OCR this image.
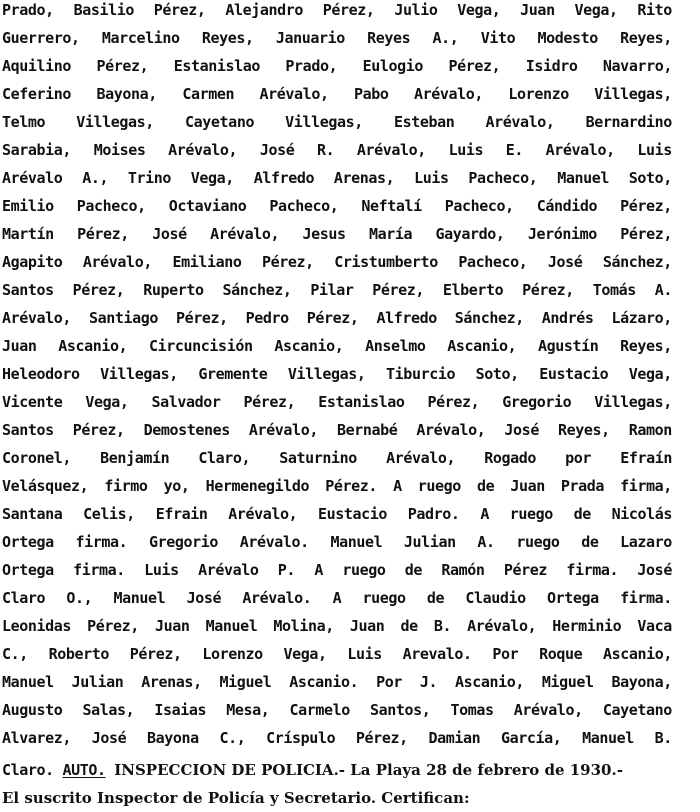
Prado, Basilio Pérez, Alejandro Pérez, Julio Vega, Juan Vega, Rito
Guerrero, Marcelino Reyes, Januario Reyes A., Vito Modesto Reyes,
Aquilino Pérez, Estanislao Prado, Eulogio Pérez, Isidro Navarro,
Ceferino Bayona, Carmen Arévalo, Pabo Arévalo, Lorenzo Villegas,
Telmo Villegas, Cayetano Villegas, Esteban Arévalo, Bernardino
Sarabia, Moises Arévalo, José R. Arévalo, Luis E. Arévalo, Luis
Arévalo A., Trino Vega, Alfredo Arenas, Luis Pacheco, Manuel Soto,
Emilio Pacheco, Octaviano Pacheco, Neftalí Pacheco, Cándido Pérez,
Martín Pérez, José Arévalo, Jesus María Gayardo, Jerónimo Pérez,
Agapito Arévalo, Emiliano Pérez, Cristumberto Pacheco, José Sánchez,
Santos Pérez, Ruperto Sánchez, Pilar Pérez, Elberto Pérez, Tomás A.
Arévalo, Santiago Pérez, Pedro Pérez, Alfredo Sánchez, Andrés Lázaro,
Juan Ascanio, Circuncisión Ascanio, Anselmo Ascanio, Agustín Reyes,
Heleodoro Villegas, Gremente Villegas, Tiburcio Soto, Eustacio Vega,
Vicente Vega, Salvador Pérez, Estanislao Pérez, Gregorio Villegas,
Santos Pérez, Demostenes Arévalo, Bernabé Arévalo, José Reyes, Ramon
Coronel, Benjamín Claro, Saturnino Arévalo, Rogado por Efraín
Velásquez, firmo yo, Hermenegildo Pérez. A ruego de Juan Prada firma,
Santana Celis, Efrain Arévalo, Eustacio Padro. A ruego de Nicolás
Ortega firma. Gregorio Arévalo. Manuel Julian A. ruego de Lazaro
Ortega firma. Luis Arévalo P. A ruego de Ramón Pérez firma. José
Claro O., Manuel José Arévalo. A ruego de Claudio Ortega firma.
Leonidas Pérez, Juan Manuel Molina, Juan de B. Arévalo, Herminio Vaca
C., Roberto Pérez, Lorenzo Vega, Luis Arevalo. Por Roque Ascanio,
Manuel Julian Arenas, Miguel Ascanio. Por J. Ascanio, Miguel Bayona,
Augusto Salas, Isaias Mesa, Carmelo Santos, Tomas Arévalo, Cayetano
Alvarez, José Bayona C., Críspulo Pérez, Damian García, Manuel B.
Claro. AUTO. INSPECCION DE POLICIA.- La Playa 28 de febrero de 1930.-
El suscrito Inspector de Policía y Secretario. Certifican:
